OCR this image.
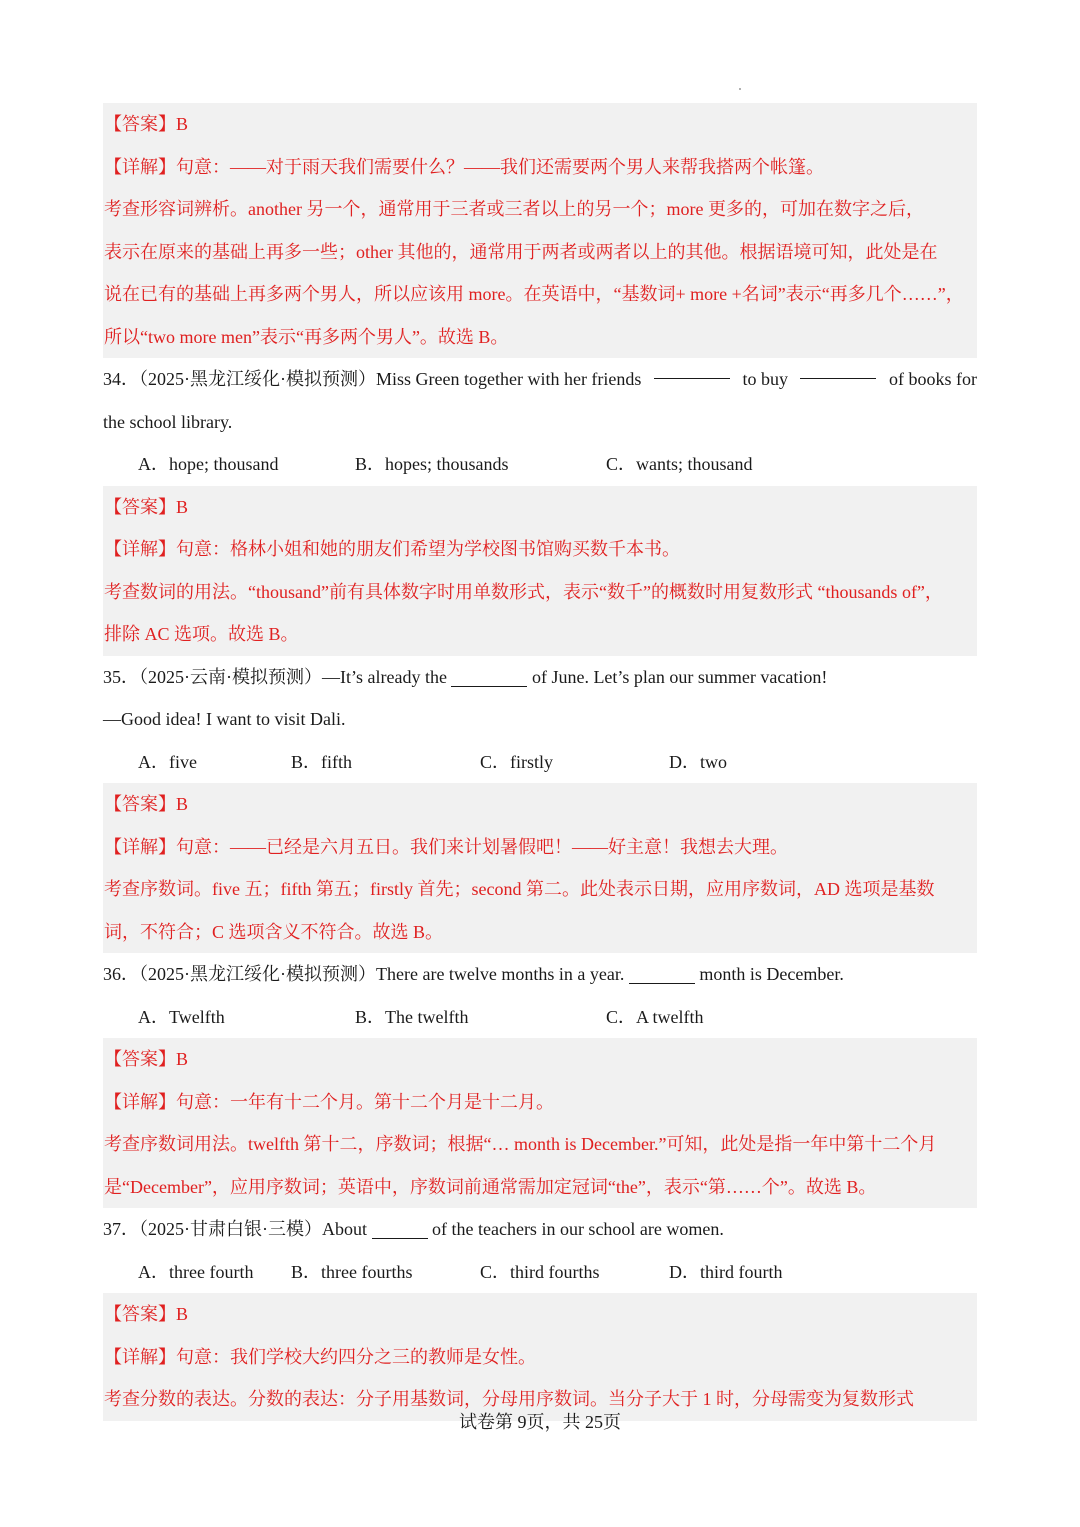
【答案】B
【详解】句意：——对于雨天我们需要什么？——我们还需要两个男人来帮我搭两个帐篷。
考查形容词辨析。another 另一个，通常用于三者或三者以上的另一个；more 更多的，可加在数字之后，
表示在原来的基础上再多一些；other 其他的，通常用于两者或两者以上的其他。根据语境可知，此处是在
说在已有的基础上再多两个男人，所以应该用 more。在英语中，“基数词+ more +名词”表示“再多几个……”，
所以“two more men”表示“再多两个男人”。故选 B。
34．（2025·黑龙江绥化·模拟预测）Miss Green together with her friends	to buy	of books for
the school library.
A．hope; thousand	B．hopes; thousands	C．wants; thousand
【答案】B
【详解】句意：格林小姐和她的朋友们希望为学校图书馆购买数千本书。
考查数词的用法。“thousand”前有具体数字时用单数形式，表示“数千”的概数时用复数形式 “thousands of”，
排除 AC 选项。故选 B。
35．（2025·云南·模拟预测）—It’s already the	of June. Let’s plan our summer vacation!
—Good idea! I want to visit Dali.
A．five	B．fifth	C．firstly	D．two
【答案】B
【详解】句意：——已经是六月五日。我们来计划暑假吧！——好主意！我想去大理。
考查序数词。five 五；fifth 第五；firstly 首先；second 第二。此处表示日期，应用序数词，AD 选项是基数
词，不符合；C 选项含义不符合。故选 B。
36．（2025·黑龙江绥化·模拟预测）There are twelve months in a year.	month is December.
A．Twelfth	B．The twelfth	C．A twelfth
【答案】B
【详解】句意：一年有十二个月。第十二个月是十二月。
考查序数词用法。twelfth 第十二，序数词；根据“… month is December.”可知，此处是指一年中第十二个月
是“December”，应用序数词；英语中，序数词前通常需加定冠词“the”，表示“第……个”。故选 B。
37．（2025·甘肃白银·三模）About	of the teachers in our school are women.
A．three fourth B．three fourths	C．third fourths	D．third fourth
【答案】B
【详解】句意：我们学校大约四分之三的教师是女性。
考查分数的表达。分数的表达：分子用基数词，分母用序数词。当分子大于 1 时，分母需变为复数形式
试卷第 9页，共 25页
